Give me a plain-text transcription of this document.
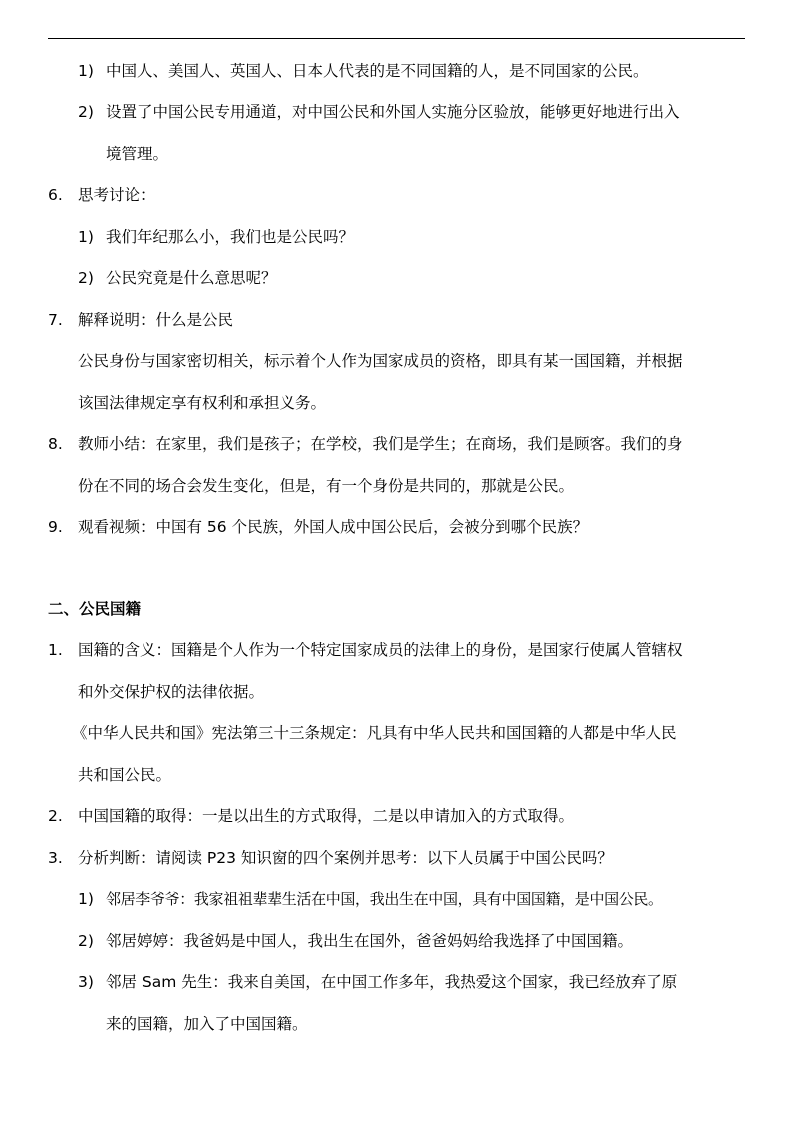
1) 中国人、美国人、英国人、日本人代表的是不同国籍的人，是不同国家的公民。
2) 设置了中国公民专用通道，对中国公民和外国人实施分区验放，能够更好地进行出入
境管理。
6. 思考讨论：
1) 我们年纪那么小，我们也是公民吗？
2) 公民究竟是什么意思呢？
7. 解释说明：什么是公民
公民身份与国家密切相关，标示着个人作为国家成员的资格，即具有某一国国籍，并根据
该国法律规定享有权利和承担义务。
8. 教师小结：在家里，我们是孩子；在学校，我们是学生；在商场，我们是顾客。我们的身
份在不同的场合会发生变化，但是，有一个身份是共同的，那就是公民。
9. 观看视频：中国有 56 个民族，外国人成中国公民后，会被分到哪个民族？
二、公民国籍
1. 国籍的含义：国籍是个人作为一个特定国家成员的法律上的身份，是国家行使属人管辖权
和外交保护权的法律依据。
《中华人民共和国》宪法第三十三条规定：凡具有中华人民共和国国籍的人都是中华人民
共和国公民。
2. 中国国籍的取得：一是以出生的方式取得，二是以申请加入的方式取得。
3. 分析判断：请阅读 P23 知识窗的四个案例并思考：以下人员属于中国公民吗？
1) 邻居李爷爷：我家祖祖辈辈生活在中国，我出生在中国，具有中国国籍，是中国公民。
2) 邻居婷婷：我爸妈是中国人，我出生在国外，爸爸妈妈给我选择了中国国籍。
3) 邻居 Sam 先生：我来自美国，在中国工作多年，我热爱这个国家，我已经放弃了原
来的国籍，加入了中国国籍。
